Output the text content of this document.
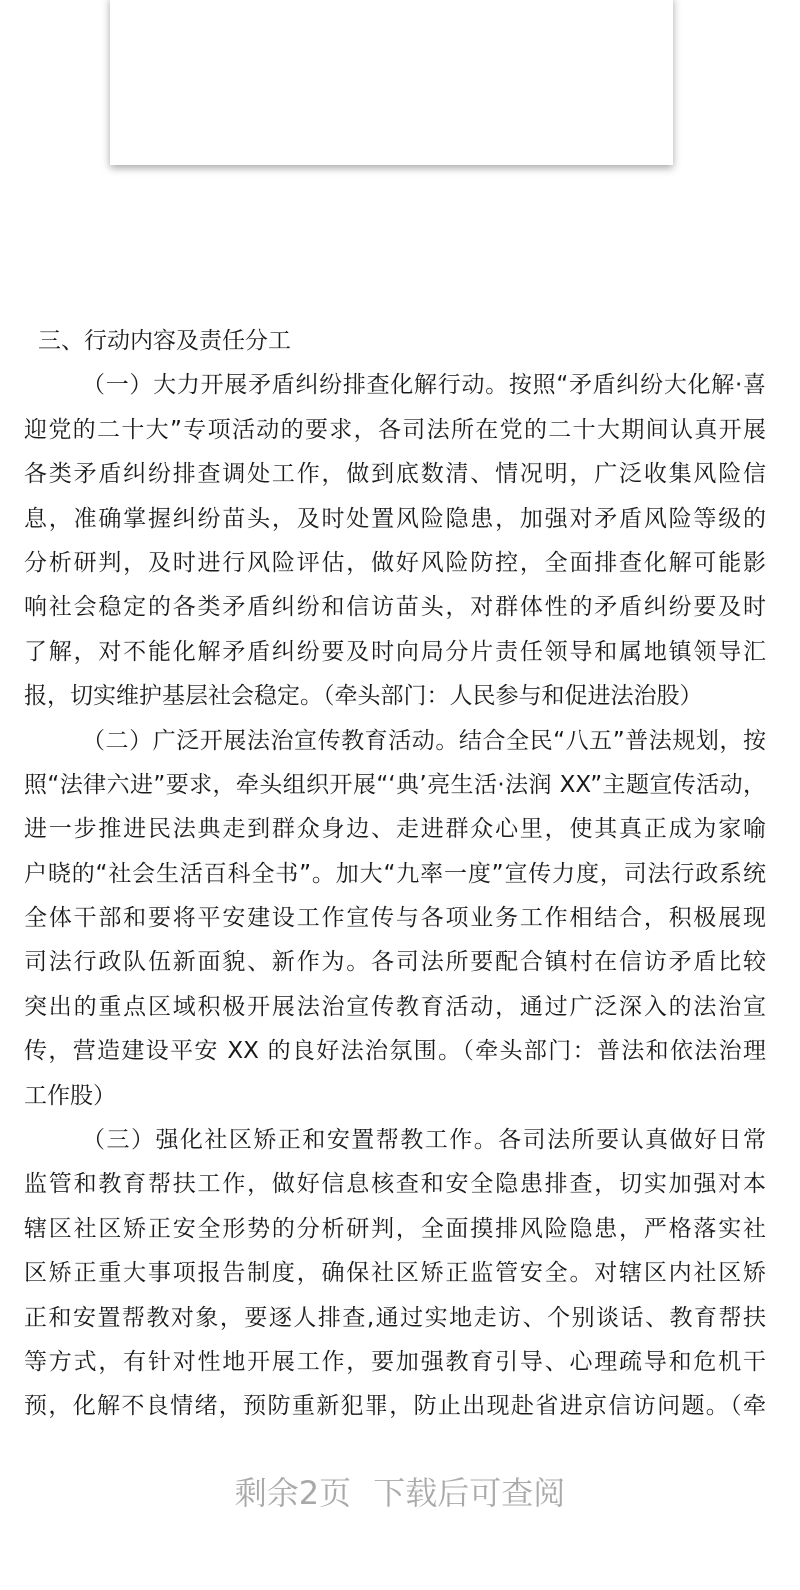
三、行动内容及责任分工
（一）大力开展矛盾纠纷排查化解行动。按照“矛盾纠纷大化解·喜
迎党的二十大”专项活动的要求，各司法所在党的二十大期间认真开展
各类矛盾纠纷排查调处工作，做到底数清、情况明，广泛收集风险信
息，准确掌握纠纷苗头，及时处置风险隐患，加强对矛盾风险等级的
分析研判，及时进行风险评估，做好风险防控，全面排查化解可能影
响社会稳定的各类矛盾纠纷和信访苗头，对群体性的矛盾纠纷要及时
了解，对不能化解矛盾纠纷要及时向局分片责任领导和属地镇领导汇
报，切实维护基层社会稳定。（牵头部门：人民参与和促进法治股）
（二）广泛开展法治宣传教育活动。结合全民“八五”普法规划，按
照“法律六进”要求，牵头组织开展“‘典’亮生活·法润 XX”主题宣传活动，
进一步推进民法典走到群众身边、走进群众心里，使其真正成为家喻
户晓的“社会生活百科全书”。加大“九率一度”宣传力度，司法行政系统
全体干部和要将平安建设工作宣传与各项业务工作相结合，积极展现
司法行政队伍新面貌、新作为。各司法所要配合镇村在信访矛盾比较
突出的重点区域积极开展法治宣传教育活动，通过广泛深入的法治宣
传，营造建设平安 XX 的良好法治氛围。（牵头部门：普法和依法治理
工作股）
（三）强化社区矫正和安置帮教工作。各司法所要认真做好日常
监管和教育帮扶工作，做好信息核查和安全隐患排查，切实加强对本
辖区社区矫正安全形势的分析研判，全面摸排风险隐患，严格落实社
区矫正重大事项报告制度，确保社区矫正监管安全。对辖区内社区矫
正和安置帮教对象，要逐人排查,通过实地走访、个别谈话、教育帮扶
等方式，有针对性地开展工作，要加强教育引导、心理疏导和危机干
预，化解不良情绪，预防重新犯罪，防止出现赴省进京信访问题。（牵
剩余2页 下载后可查阅
